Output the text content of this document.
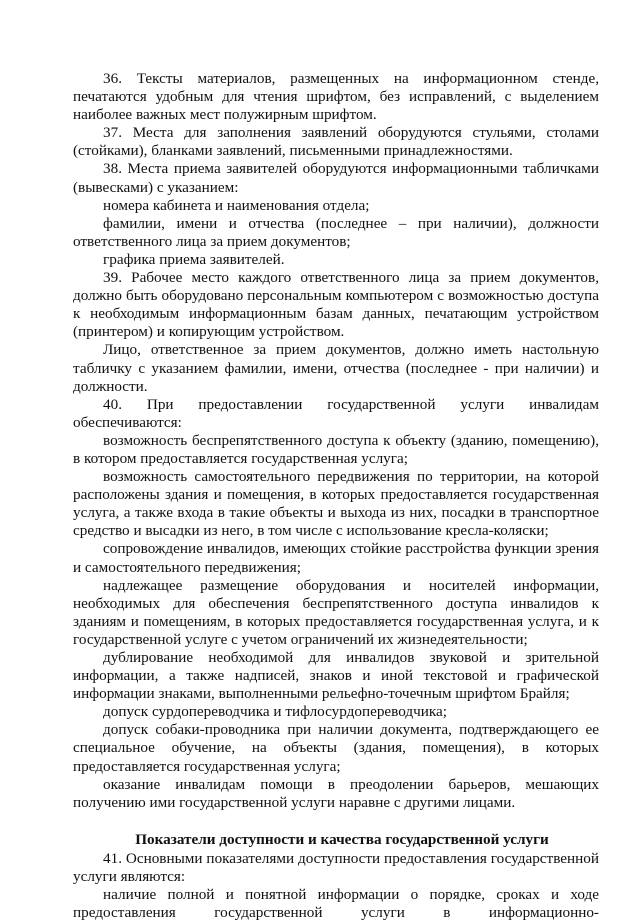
36. Тексты материалов, размещенных на информационном стенде, печатаются удобным для чтения шрифтом, без исправлений, с выделением наиболее важных мест полужирным шрифтом.

37. Места для заполнения заявлений оборудуются стульями, столами (стойками), бланками заявлений, письменными принадлежностями.

38. Места приема заявителей оборудуются информационными табличками (вывесками) с указанием:

номера кабинета и наименования отдела;

фамилии, имени и отчества (последнее – при наличии), должности ответственного лица за прием документов;

графика приема заявителей.

39. Рабочее место каждого ответственного лица за прием документов, должно быть оборудовано персональным компьютером с возможностью доступа к необходимым информационным базам данных, печатающим устройством (принтером) и копирующим устройством.

Лицо, ответственное за прием документов, должно иметь настольную табличку с указанием фамилии, имени, отчества (последнее - при наличии) и должности.

40. При предоставлении государственной услуги инвалидам обеспечиваются:

возможность беспрепятственного доступа к объекту (зданию, помещению), в котором предоставляется государственная услуга;

возможность самостоятельного передвижения по территории, на которой расположены здания и помещения, в которых предоставляется государственная услуга, а также входа в такие объекты и выхода из них, посадки в транспортное средство и высадки из него, в том числе с использование кресла-коляски;

сопровождение инвалидов, имеющих стойкие расстройства функции зрения и самостоятельного передвижения;

надлежащее размещение оборудования и носителей информации, необходимых для обеспечения беспрепятственного доступа инвалидов к зданиям и помещениям, в которых предоставляется государственная услуга, и к государственной услуге с учетом ограничений их жизнедеятельности;

дублирование необходимой для инвалидов звуковой и зрительной информации, а также надписей, знаков и иной текстовой и графической информации знаками, выполненными рельефно-точечным шрифтом Брайля;

допуск сурдопереводчика и тифлосурдопереводчика;

допуск собаки-проводника при наличии документа, подтверждающего ее специальное обучение, на объекты (здания, помещения), в которых предоставляется государственная услуга;

оказание инвалидам помощи в преодолении барьеров, мешающих получению ими государственной услуги наравне с другими лицами.

Показатели доступности и качества государственной услуги

41. Основными показателями доступности предоставления государственной услуги являются:

наличие полной и понятной информации о порядке, сроках и ходе предоставления государственной услуги в информационно-
